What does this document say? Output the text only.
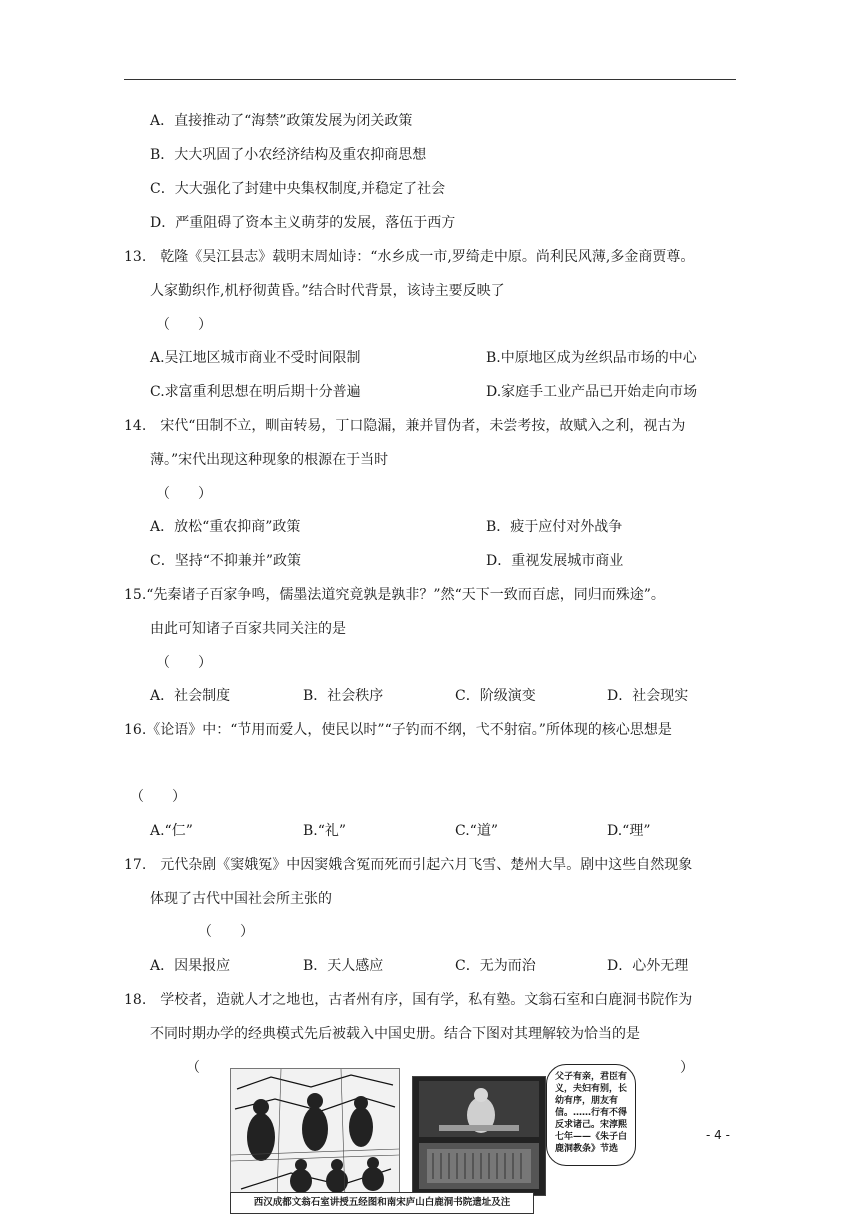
A．直接推动了“海禁”政策发展为闭关政策
B．大大巩固了小农经济结构及重农抑商思想
C．大大强化了封建中央集权制度,并稳定了社会
D．严重阻碍了资本主义萌芽的发展，落伍于西方
13.　乾隆《吴江县志》载明末周灿诗：“水乡成一市,罗绮走中原。尚利民风薄,多金商贾尊。
人家勤织作,机杼彻黄昏。”结合时代背景，该诗主要反映了
（　　）
A.吴江地区城市商业不受时间限制	B.中原地区成为丝织品市场的中心
C.求富重利思想在明后期十分普遍	D.家庭手工业产品已开始走向市场
14.　宋代“田制不立，甽亩转易，丁口隐漏，兼并冒伪者，未尝考按，故赋入之利，视古为
薄。”宋代出现这种现象的根源在于当时
（　　）
A．放松“重农抑商”政策	B．疲于应付对外战争
C．坚持“不抑兼并”政策	D．重视发展城市商业
15.“先秦诸子百家争鸣，儒墨法道究竟孰是孰非？”然“天下一致而百虑，同归而殊途”。
由此可知诸子百家共同关注的是
（　　）
A．社会制度	B．社会秩序	C．阶级演变	D．社会现实
16.《论语》中：“节用而爱人，使民以时”“子钓而不纲，弋不射宿。”所体现的核心思想是
（　　）
A.“仁”	B.“礼”	C.“道”	D.“理”
17.　元代杂剧《窦娥冤》中因窦娥含冤而死而引起六月飞雪、楚州大旱。剧中这些自然现象
体现了古代中国社会所主张的
（　　）
A．因果报应	B．天人感应	C．无为而治	D．心外无理
18.　学校者，造就人才之地也，古者州有序，国有学，私有塾。文翁石室和白鹿洞书院作为
不同时期办学的经典模式先后被载入中国史册。结合下图对其理解较为恰当的是
（	）
父子有亲，君臣有义，夫妇有别，长幼有序，朋友有信。……行有不得反求诸己。宋淳熙七年——《朱子白鹿洞教条》节选
西汉成都文翁石室讲授五经图和南宋庐山白鹿洞书院遗址及注
- 4 -
